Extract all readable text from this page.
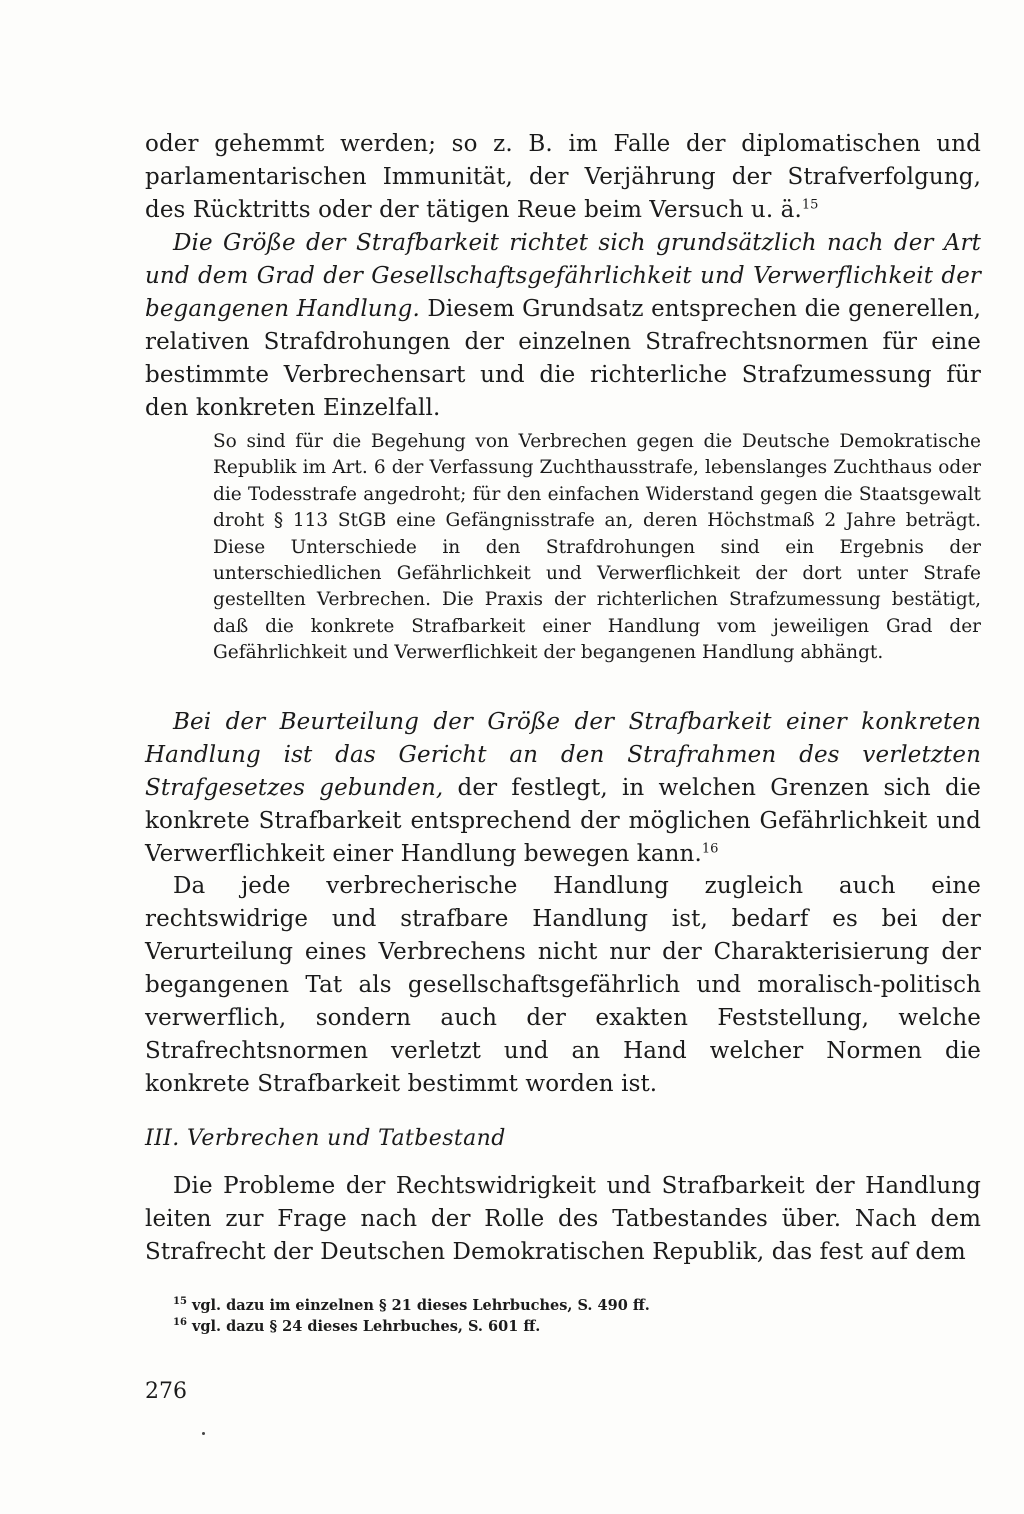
oder gehemmt werden; so z. B. im Falle der diplomatischen und parlamentarischen Immunität, der Verjährung der Strafverfolgung, des Rücktritts oder der tätigen Reue beim Versuch u. ä.$^{15}$

Die Größe der Strafbarkeit richtet sich grundsätzlich nach der Art und dem Grad der Gesellschaftsgefährlichkeit und Verwerflichkeit der begangenen Handlung. Diesem Grundsatz entsprechen die generellen, relativen Strafdrohungen der einzelnen Strafrechtsnormen für eine bestimmte Verbrechensart und die richterliche Strafzumessung für den konkreten Einzelfall.

So sind für die Begehung von Verbrechen gegen die Deutsche Demokratische Republik im Art. 6 der Verfassung Zuchthausstrafe, lebenslanges Zuchthaus oder die Todesstrafe angedroht; für den einfachen Widerstand gegen die Staatsgewalt droht § 113 StGB eine Gefängnisstrafe an, deren Höchstmaß 2 Jahre beträgt. Diese Unterschiede in den Strafdrohungen sind ein Ergebnis der unterschiedlichen Gefährlichkeit und Verwerflichkeit der dort unter Strafe gestellten Verbrechen. Die Praxis der richterlichen Strafzumessung bestätigt, daß die konkrete Strafbarkeit einer Handlung vom jeweiligen Grad der Gefährlichkeit und Verwerflichkeit der begangenen Handlung abhängt.

Bei der Beurteilung der Größe der Strafbarkeit einer konkreten Handlung ist das Gericht an den Strafrahmen des verletzten Strafgesetzes gebunden, der festlegt, in welchen Grenzen sich die konkrete Strafbarkeit entsprechend der möglichen Gefährlichkeit und Verwerflichkeit einer Handlung bewegen kann.$^{16}$

Da jede verbrecherische Handlung zugleich auch eine rechtswidrige und strafbare Handlung ist, bedarf es bei der Verurteilung eines Verbrechens nicht nur der Charakterisierung der begangenen Tat als gesellschaftsgefährlich und moralisch-politisch verwerflich, sondern auch der exakten Feststellung, welche Strafrechtsnormen verletzt und an Hand welcher Normen die konkrete Strafbarkeit bestimmt worden ist.

III. Verbrechen und Tatbestand

Die Probleme der Rechtswidrigkeit und Strafbarkeit der Handlung leiten zur Frage nach der Rolle des Tatbestandes über. Nach dem Strafrecht der Deutschen Demokratischen Republik, das fest auf dem

$^{15}$ vgl. dazu im einzelnen § 21 dieses Lehrbuches, S. 490 ff.

$^{16}$ vgl. dazu § 24 dieses Lehrbuches, S. 601 ff.

276
